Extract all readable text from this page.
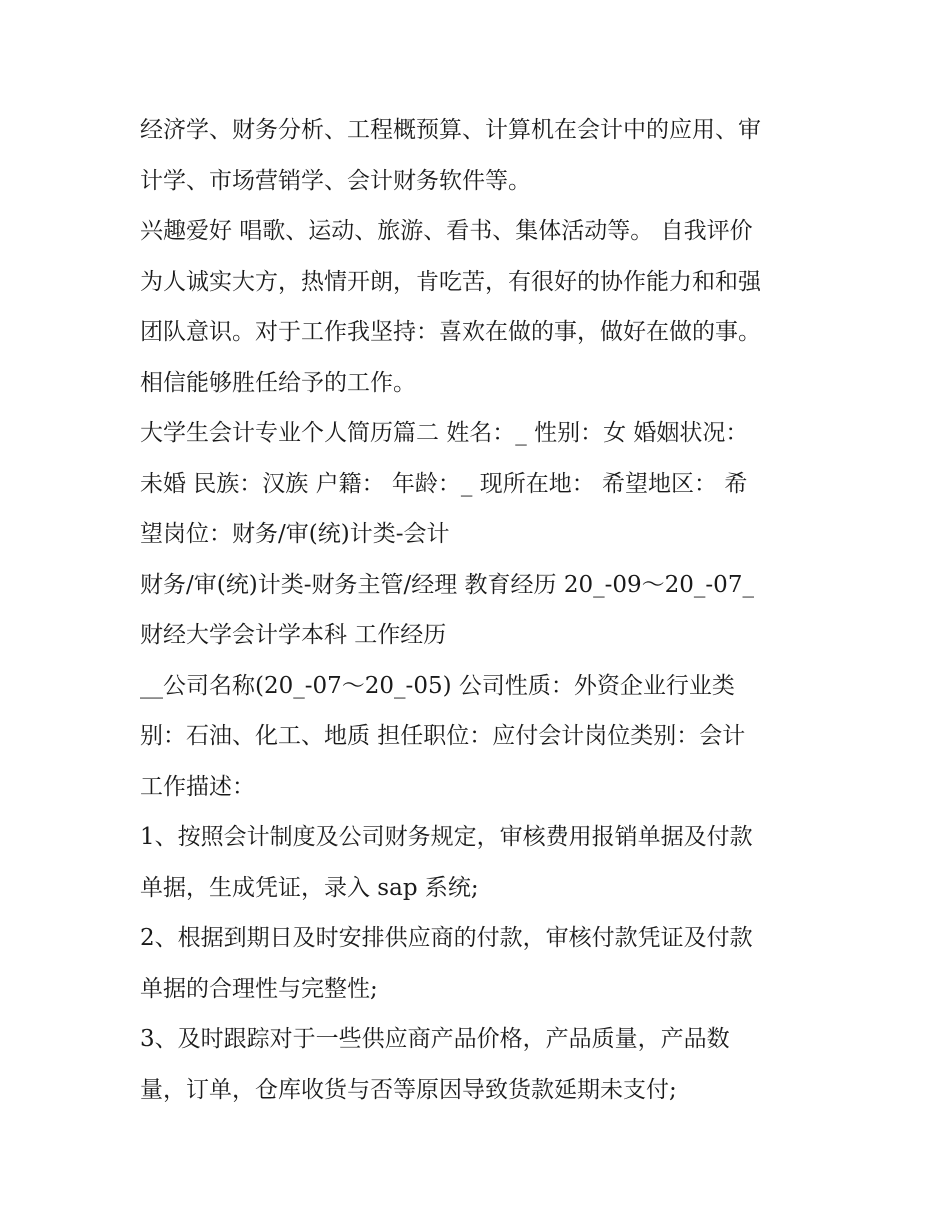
经济学、财务分析、工程概预算、计算机在会计中的应用、审
计学、市场营销学、会计财务软件等。
兴趣爱好 唱歌、运动、旅游、看书、集体活动等。 自我评价
为人诚实大方，热情开朗，肯吃苦，有很好的协作能力和和强
团队意识。对于工作我坚持：喜欢在做的事，做好在做的事。
相信能够胜任给予的工作。
大学生会计专业个人简历篇二 姓名：_ 性别：女 婚姻状况：
未婚 民族：汉族 户籍： 年龄：_ 现所在地： 希望地区： 希
望岗位：财务/审(统)计类-会计
财务/审(统)计类-财务主管/经理 教育经历 20_-09～20_-07_
财经大学会计学本科 工作经历
__公司名称(20_-07～20_-05) 公司性质：外资企业行业类
别：石油、化工、地质 担任职位：应付会计岗位类别：会计
工作描述：
1、按照会计制度及公司财务规定，审核费用报销单据及付款
单据，生成凭证，录入 sap 系统;
2、根据到期日及时安排供应商的付款，审核付款凭证及付款
单据的合理性与完整性;
3、及时跟踪对于一些供应商产品价格，产品质量，产品数
量，订单，仓库收货与否等原因导致货款延期未支付;
